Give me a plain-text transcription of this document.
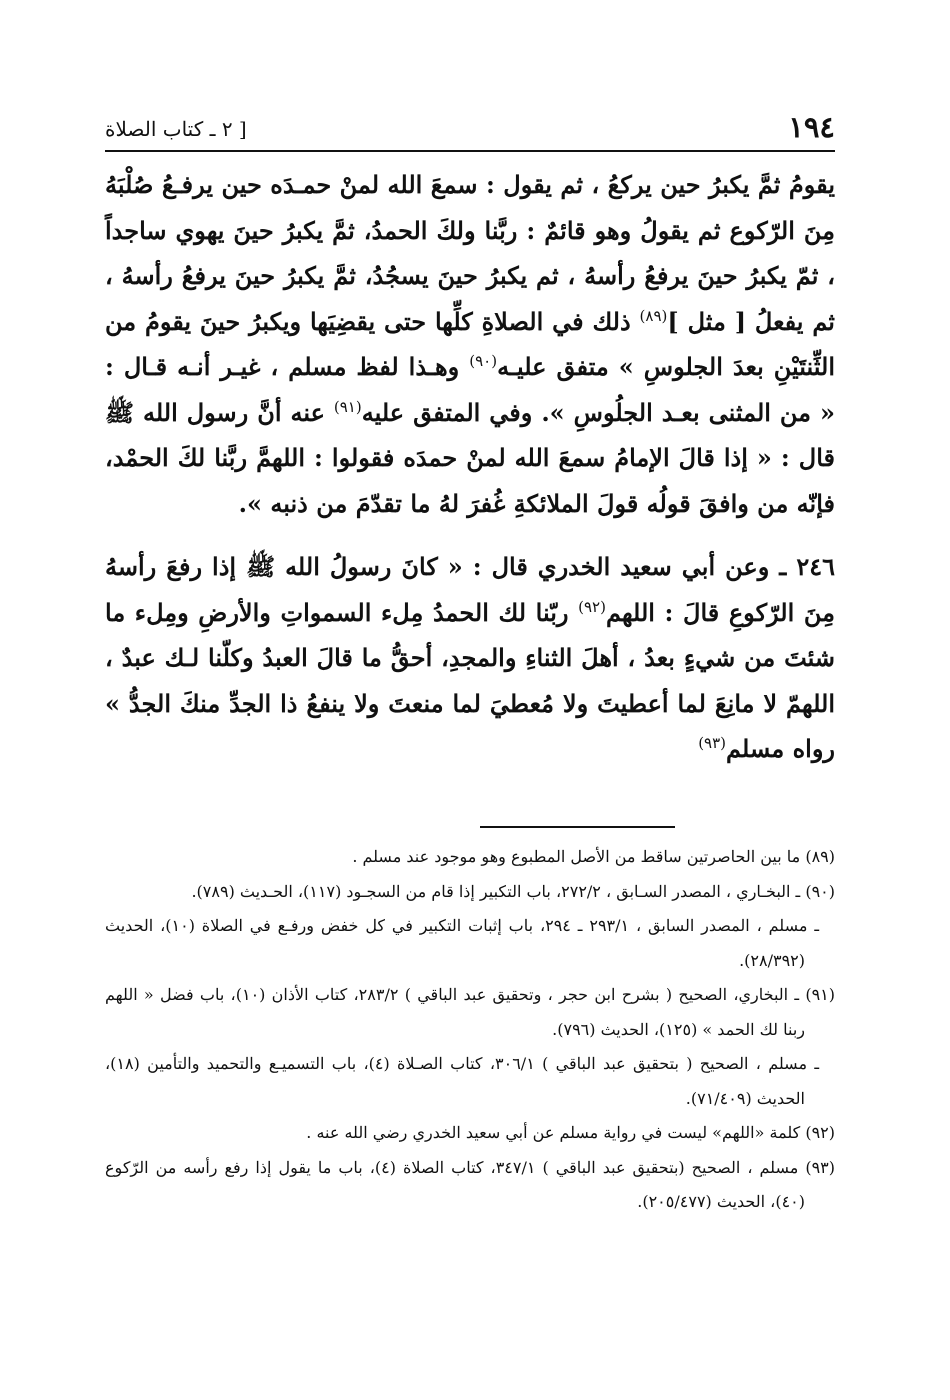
١٩٤
[ ٢ ـ كتاب الصلاة

يقومُ ثمَّ يكبرُ حين يركعُ ، ثم يقول : سمعَ الله لمنْ حمـدَه حين يرفـعُ صُلْبَهُ مِنَ الرّكوع ثم يقولُ وهو قائمٌ : ربَّنا ولكَ الحمدُ، ثمَّ يكبرُ حينَ يهوي ساجداً ، ثمّ يكبرُ حينَ يرفعُ رأسهُ ، ثم يكبرُ حينَ يسجُدُ، ثمَّ يكبرُ حينَ يرفعُ رأسهُ ، ثم يفعلُ [ مثل ]$^{(٨٩)}$ ذلك في الصلاةِ كلِّها حتى يقضِيَها ويكبرُ حينَ يقومُ من الثِّنتَيْنِ بعدَ الجلوسِ » متفق عليـه$^{(٩٠)}$ وهـذا لفظ مسلم ، غيـر أنـه قـال : « من المثنى بعـد الجلُوسِ ». وفي المتفق عليه$^{(٩١)}$ عنه أنَّ رسول الله ﷺ قال : « إذا قالَ الإمامُ سمعَ الله لمنْ حمدَه فقولوا : اللهمَّ ربَّنا لكَ الحمْد، فإنّه من وافقَ قولُه قولَ الملائكةِ غُفرَ لهُ ما تقدّمَ من ذنبه ».

٢٤٦ ـ وعن أبي سعيد الخدري قال : « كانَ رسولُ الله ﷺ إذا رفعَ رأسهُ مِنَ الرّكوعِ قالَ : اللهم$^{(٩٢)}$ ربّنا لك الحمدُ مِلء السمواتِ والأرضِ ومِلء ما شئتَ من شيءٍ بعدُ ، أهلَ الثناءِ والمجدِ، أحقُّ ما قالَ العبدُ وكلّنا لـك عبدٌ ، اللهمّ لا مانِعَ لما أعطيتَ ولا مُعطيَ لما منعتَ ولا ينفعُ ذا الجدِّ منكَ الجدُّ » رواه مسلم$^{(٩٣)}$

(٨٩) ما بين الحاصرتين ساقط من الأصل المطبوع وهو موجود عند مسلم .

(٩٠) ـ البخـاري ، المصدر السـابق ، ٢٧٢/٢، باب التكبير إذا قام من السجـود (١١٧)، الحـديث (٧٨٩).

ـ مسلم ، المصدر السابق ، ٢٩٣/١ ـ ٢٩٤، باب إثبات التكبير في كل خفض ورفـع في الصلاة (١٠)، الحديث (٢٨/٣٩٢).

(٩١) ـ البخاري، الصحيح ( بشرح ابن حجر ، وتحقيق عبد الباقي ) ٢٨٣/٢، كتاب الأذان (١٠)، باب فضل « اللهم ربنا لك الحمد » (١٢٥)، الحديث (٧٩٦).

ـ مسلم ، الصحيح ( بتحقيق عبد الباقي ) ٣٠٦/١، كتاب الصـلاة (٤)، باب التسميـع والتحميد والتأمين (١٨)، الحديث (٧١/٤٠٩).

(٩٢) كلمة «اللهم» ليست في رواية مسلم عن أبي سعيد الخدري رضي الله عنه .

(٩٣) مسلم ، الصحيح (بتحقيق عبد الباقي ) ٣٤٧/١، كتاب الصلاة (٤)، باب ما يقول إذا رفع رأسه من الرّكوع (٤٠)، الحديث (٢٠٥/٤٧٧).
